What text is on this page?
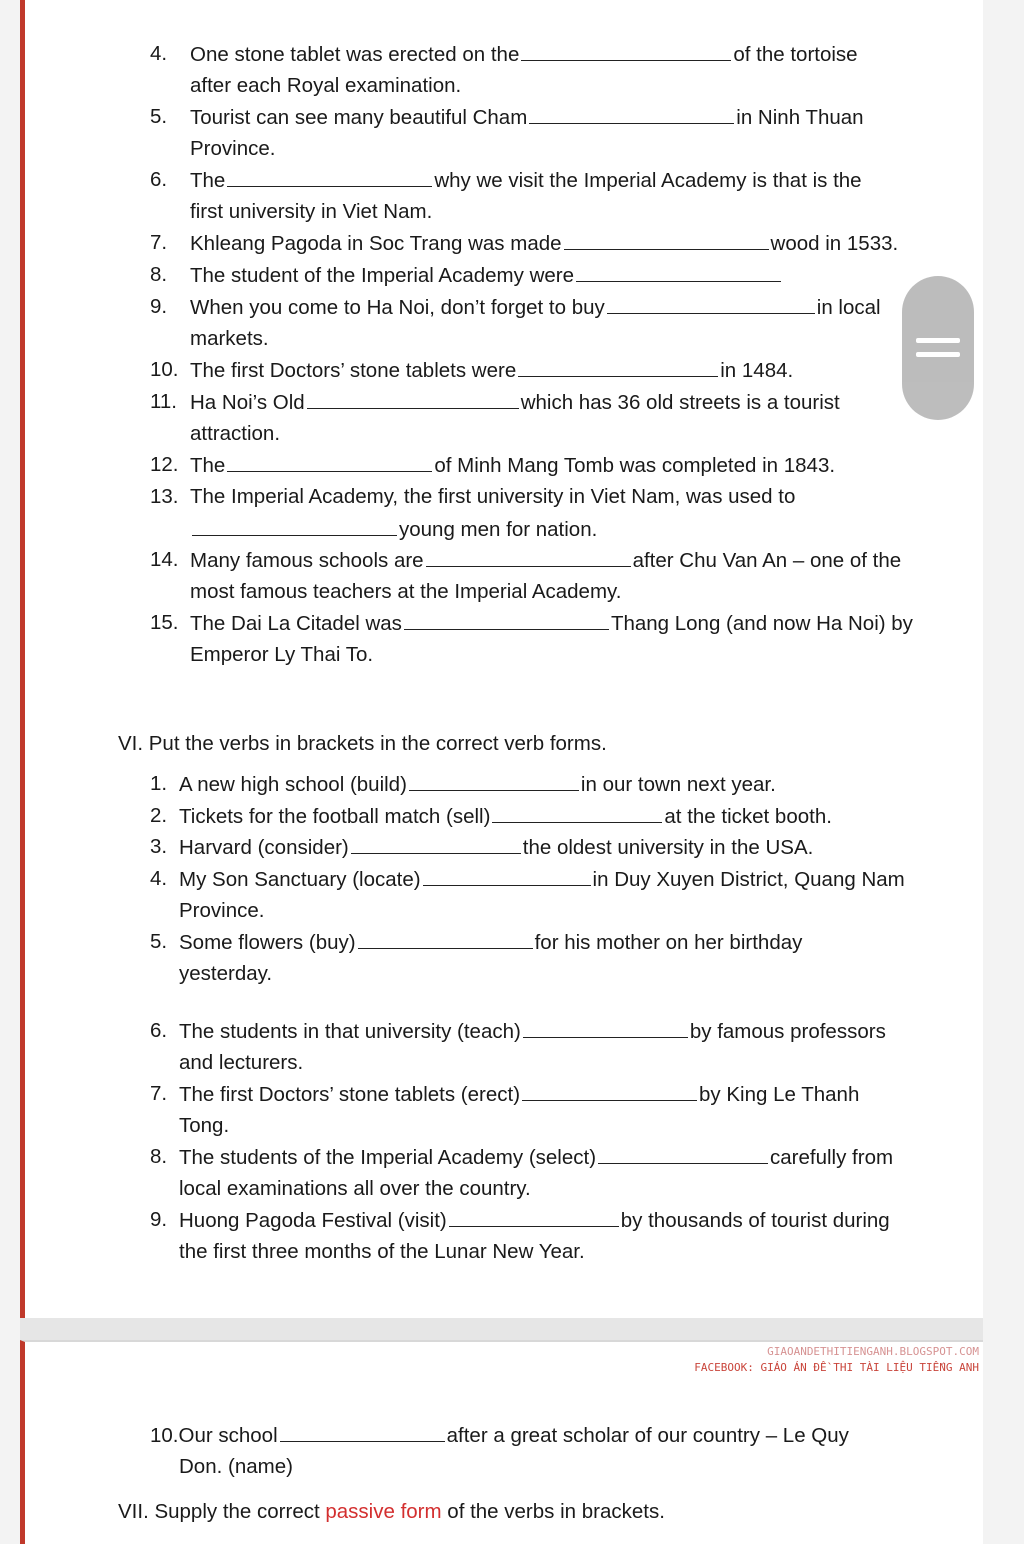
GIAOANDETHITIENGANH.BLOGSPOT.COM
FACEBOOK: GIÁO ÁN ĐỀ THI TÀI LIỆU TIẾNG ANH
4.	One stone tablet was erected on the	of the tortoise
after each Royal examination.
5.	Tourist can see many beautiful Cham	in Ninh Thuan
Province.
6.	The	why we visit the Imperial Academy is that is the
first university in Viet Nam.
7.	Khleang Pagoda in Soc Trang was made	wood in 1533.
8.	The student of the Imperial Academy were
9.	When you come to Ha Noi, don’t forget to buy	in local
markets.
10. The first Doctors’ stone tablets were	in 1484.
11. Ha Noi’s Old	which has 36 old streets is a tourist
attraction.
12. The	of Minh Mang Tomb was completed in 1843.
13. The Imperial Academy, the first university in Viet Nam, was used to
young men for nation.
14. Many famous schools are	after Chu Van An – one of the
most famous teachers at the Imperial Academy.
15. The Dai La Citadel was	Thang Long (and now Ha Noi) by
Emperor Ly Thai To.
VI. Put the verbs in brackets in the correct verb forms.
1. A new high school (build)	in our town next year.
2. Tickets for the football match (sell)	at the ticket booth.
3. Harvard (consider)	the oldest university in the USA.
4. My Son Sanctuary (locate)	in Duy Xuyen District, Quang Nam
Province.
5. Some flowers (buy)	for his mother on her birthday
yesterday.
6. The students in that university (teach)	by famous professors
and lecturers.
7. The first Doctors’ stone tablets (erect)	by King Le Thanh
Tong.
8. The students of the Imperial Academy (select)	carefully from
local examinations all over the country.
9. Huong Pagoda Festival (visit)	by thousands of tourist during
the first three months of the Lunar New Year.
10.Our school	after a great scholar of our country – Le Quy
Don. (name)
VII. Supply the correct passive form of the verbs in brackets.
